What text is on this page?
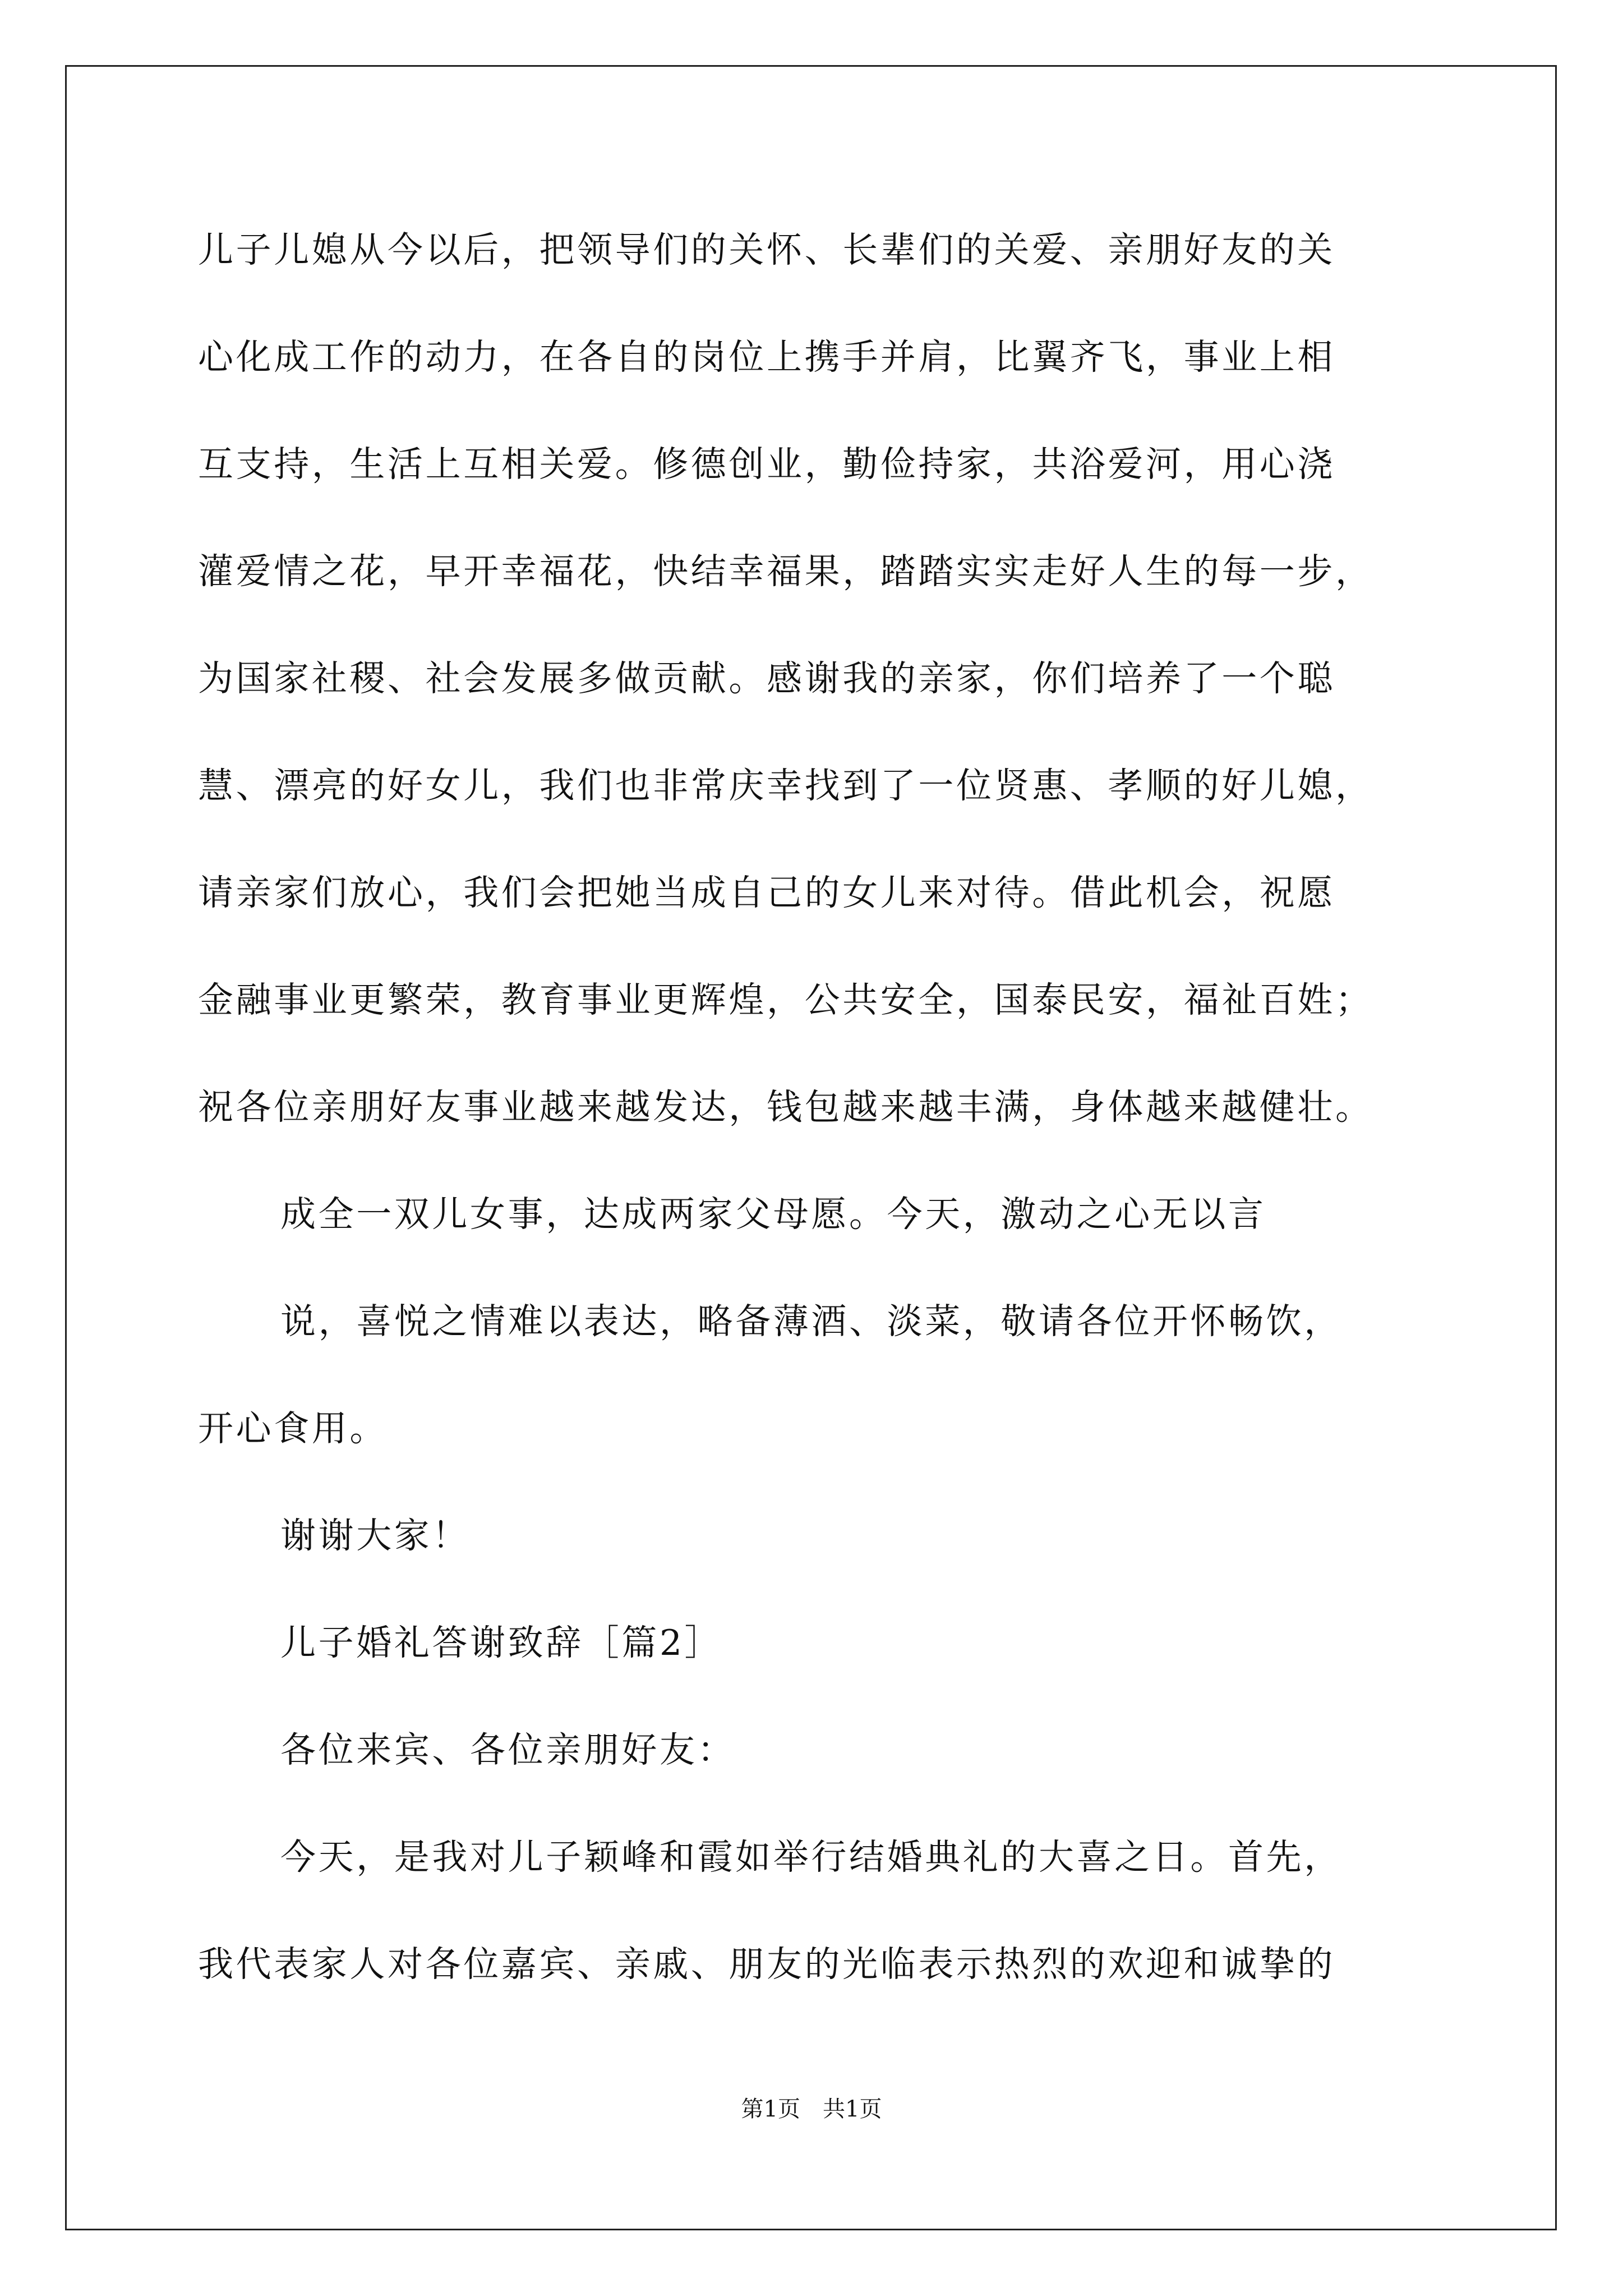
儿子儿媳从今以后，把领导们的关怀、长辈们的关爱、亲朋好友的关

心化成工作的动力，在各自的岗位上携手并肩，比翼齐飞，事业上相

互支持，生活上互相关爱。修德创业，勤俭持家，共浴爱河，用心浇

灌爱情之花，早开幸福花，快结幸福果，踏踏实实走好人生的每一步，

为国家社稷、社会发展多做贡献。感谢我的亲家，你们培养了一个聪

慧、漂亮的好女儿，我们也非常庆幸找到了一位贤惠、孝顺的好儿媳，

请亲家们放心，我们会把她当成自己的女儿来对待。借此机会，祝愿

金融事业更繁荣，教育事业更辉煌，公共安全，国泰民安，福祉百姓；

祝各位亲朋好友事业越来越发达，钱包越来越丰满，身体越来越健壮。

成全一双儿女事，达成两家父母愿。今天，激动之心无以言

说，喜悦之情难以表达，略备薄酒、淡菜，敬请各位开怀畅饮，

开心食用。

谢谢大家！

儿子婚礼答谢致辞［篇2］

各位来宾、各位亲朋好友：

今天，是我对儿子颖峰和霞如举行结婚典礼的大喜之日。首先，

我代表家人对各位嘉宾、亲戚、朋友的光临表示热烈的欢迎和诚挚的

第1页　共1页
